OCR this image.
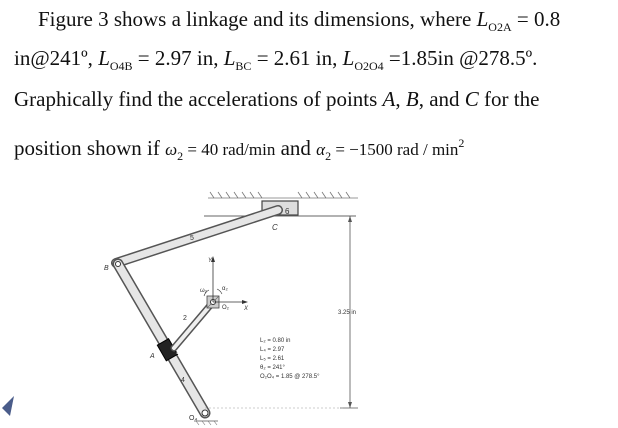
Figure 3 shows a linkage and its dimensions, where $L_{O2A} = 0.8$
in@241º, $L_{O4B} = 2.97$ in, $L_{BC} = 2.61$ in, $L_{O2O4} =1.85in$ @278.5º.
Graphically find the accelerations of points A, B, and C for the
position shown if $\omega_2 = 40$ rad/min and $\alpha_2 = -1500$ rad / $\min^2$
6
5
C
B
4
3
A
2
O₂
Y
X
ω₂ α₂
O₄
3.25 in
L₂ = 0.80 in
L₄ = 2.97
L₅ = 2.61
θ₂ = 241°
O₂O₄ = 1.85 @ 278.5°
